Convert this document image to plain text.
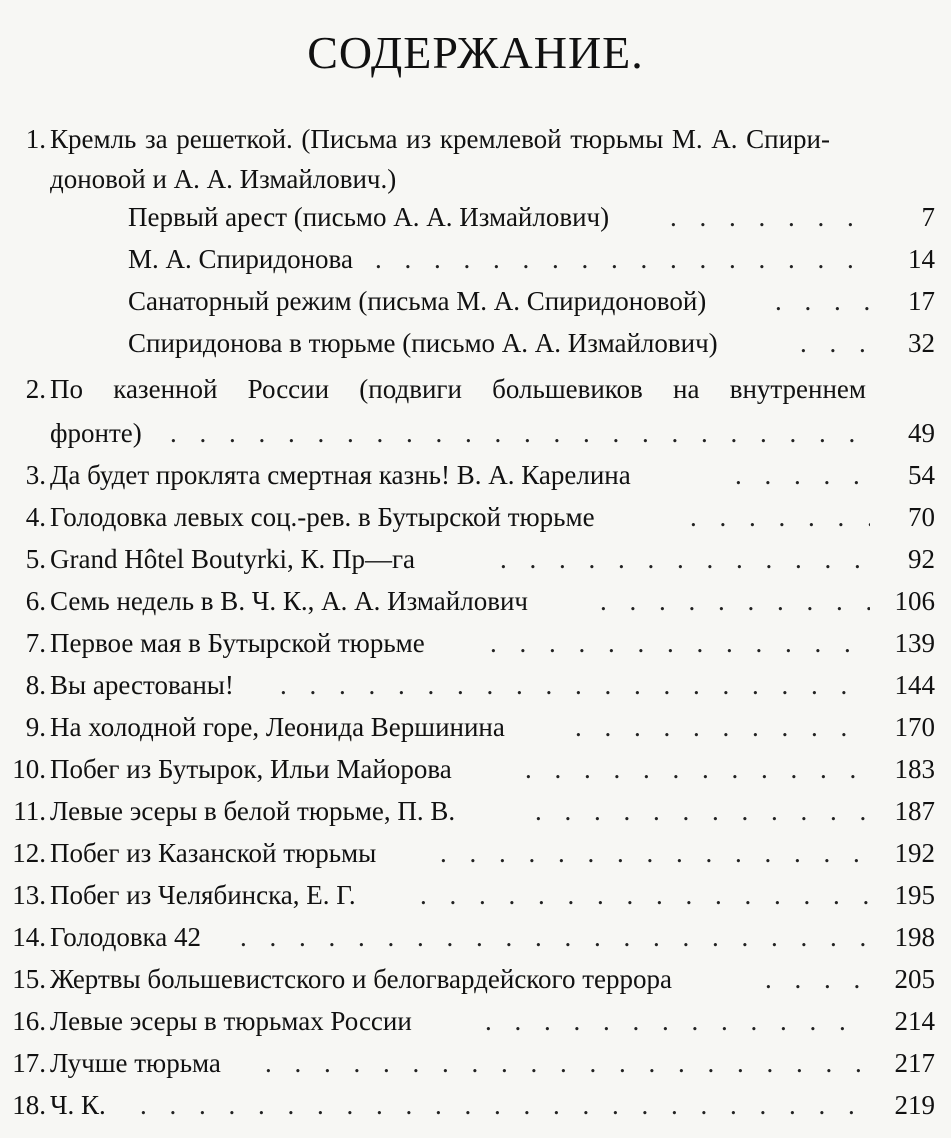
СОДЕРЖАНИЕ.
1. Кремль за решеткой. (Письма из кремлевой тюрьмы М. А. Спири-
доновой и А. А. Измайлович.)
Первый арест (письмо А. А. Измайлович) . . .	7
М. А. Спиридонова . . .	14
Санаторный режим (письма М. А. Спиридоновой) . . .	17
Спиридонова в тюрьме (письмо А. А. Измайлович) . . .	32
2. По казенной России (подвиги большевиков на внутреннем
фронте) . . .	49
3. Да будет проклята смертная казнь! В. А. Карелина . . .	54
4. Голодовка левых соц.-рев. в Бутырской тюрьме . . .	70
5. Grand Hôtel Boutyrki, К. Пр—га . . .	92
6. Семь недель в В. Ч. К., А. А. Измайлович . . .	106
7. Первое мая в Бутырской тюрьме . . .	139
8. Вы арестованы! . . .	144
9. На холодной горе, Леонида Вершинина . . .	170
10. Побег из Бутырок, Ильи Майорова . . .	183
11. Левые эсеры в белой тюрьме, П. В. . . .	187
12. Побег из Казанской тюрьмы . . .	192
13. Побег из Челябинска, Е. Г. . . .	195
14. Голодовка 42 . . .	198
15. Жертвы большевистского и белогвардейского террора . . .	205
16. Левые эсеры в тюрьмах России . . .	214
17. Лучше тюрьма . . .	217
18. Ч. К. . . .	219
